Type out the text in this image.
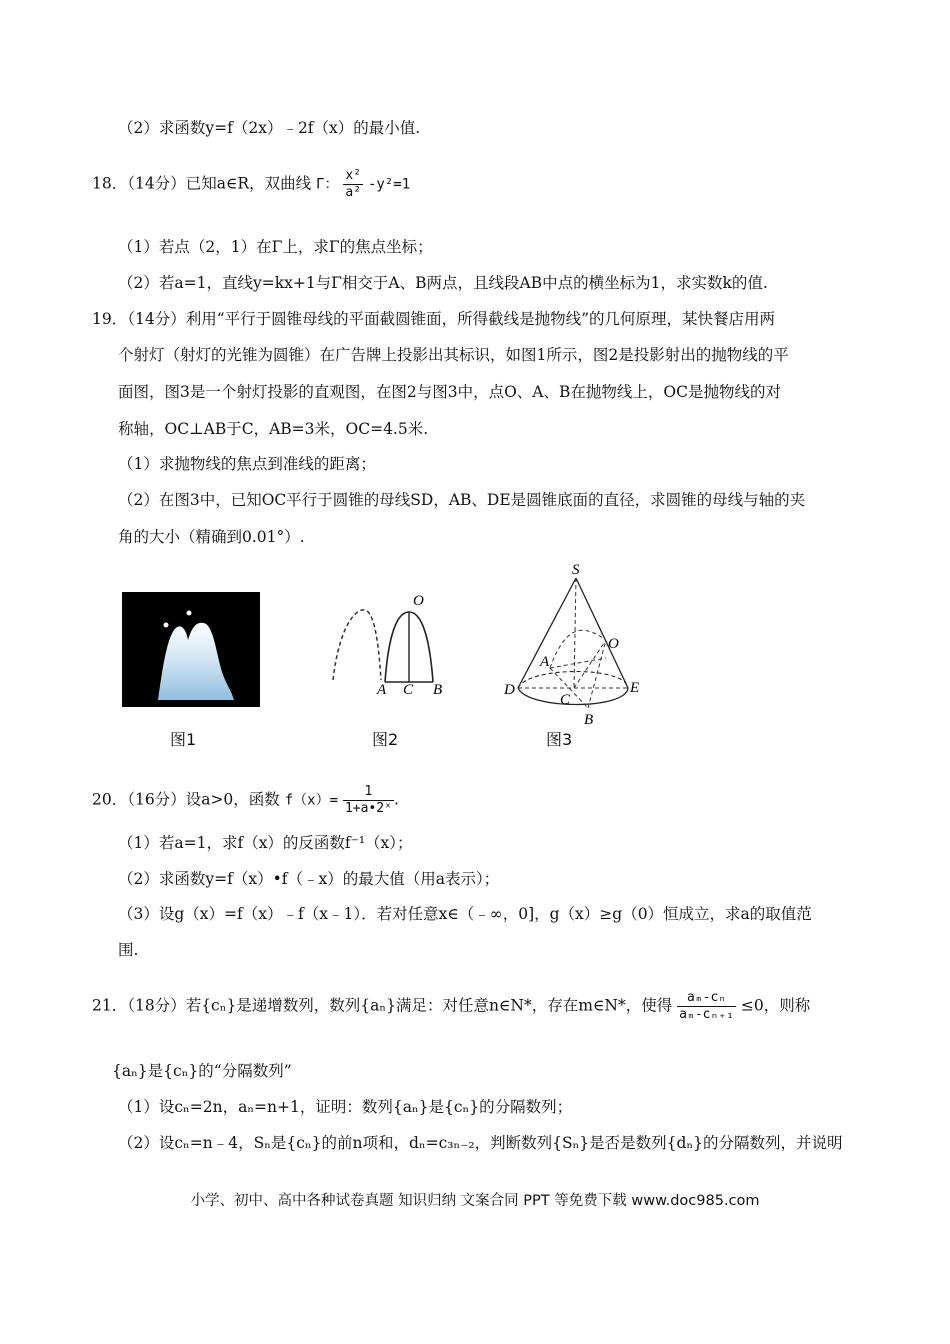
（2）求函数y=f（2x）﹣2f（x）的最小值.
18．（14分）已知a∈R，双曲线 Γ： $\frac{\text{x²}}{\text{a²}} -y^2=1$
（1）若点（2，1）在Γ上，求Γ的焦点坐标；
（2）若a=1，直线y=kx+1与Γ相交于A、B两点，且线段AB中点的横坐标为1，求实数k的值.
19．（14分）利用“平行于圆锥母线的平面截圆锥面，所得截线是抛物线”的几何原理，某快餐店用两
个射灯（射灯的光锥为圆锥）在广告牌上投影出其标识，如图1所示，图2是投影射出的抛物线的平
面图，图3是一个射灯投影的直观图，在图2与图3中，点O、A、B在抛物线上，OC是抛物线的对
称轴，OC⊥AB于C，AB=3米，OC=4.5米.
（1）求抛物线的焦点到准线的距离；
（2）在图3中，已知OC平行于圆锥的母线SD，AB、DE是圆锥底面的直径，求圆锥的母线与轴的夹
角的大小（精确到0.01°）.
图1
O
A C B
图2
S
O
A
D
C
E
B
图3
20．（16分）设a>0，函数 $f(x)= \frac{1}{\text{1+a•2ˣ}}$ .
（1）若a=1，求f（x）的反函数f⁻¹（x）；
（2）求函数y=f（x）•f（﹣x）的最大值（用a表示）；
（3）设g（x）=f（x）﹣f（x﹣1）．若对任意x∈（﹣∞，0]，g（x）≥g（0）恒成立，求a的取值范
围.
21．（18分）若{cₙ}是递增数列，数列{aₙ}满足：对任意n∈N*，存在m∈N*，使得 $\frac{\text{aₘ-cₙ}}{\text{aₘ-cₙ₊₁}} \le 0$，则称
{aₙ}是{cₙ}的“分隔数列”
（1）设cₙ=2n，aₙ=n+1，证明：数列{aₙ}是{cₙ}的分隔数列；
（2）设cₙ=n﹣4，Sₙ是{cₙ}的前n项和，dₙ=c₃ₙ₋₂，判断数列{Sₙ}是否是数列{dₙ}的分隔数列，并说明
小学、初中、高中各种试卷真题 知识归纳 文案合同 PPT 等免费下载 www.doc985.com
